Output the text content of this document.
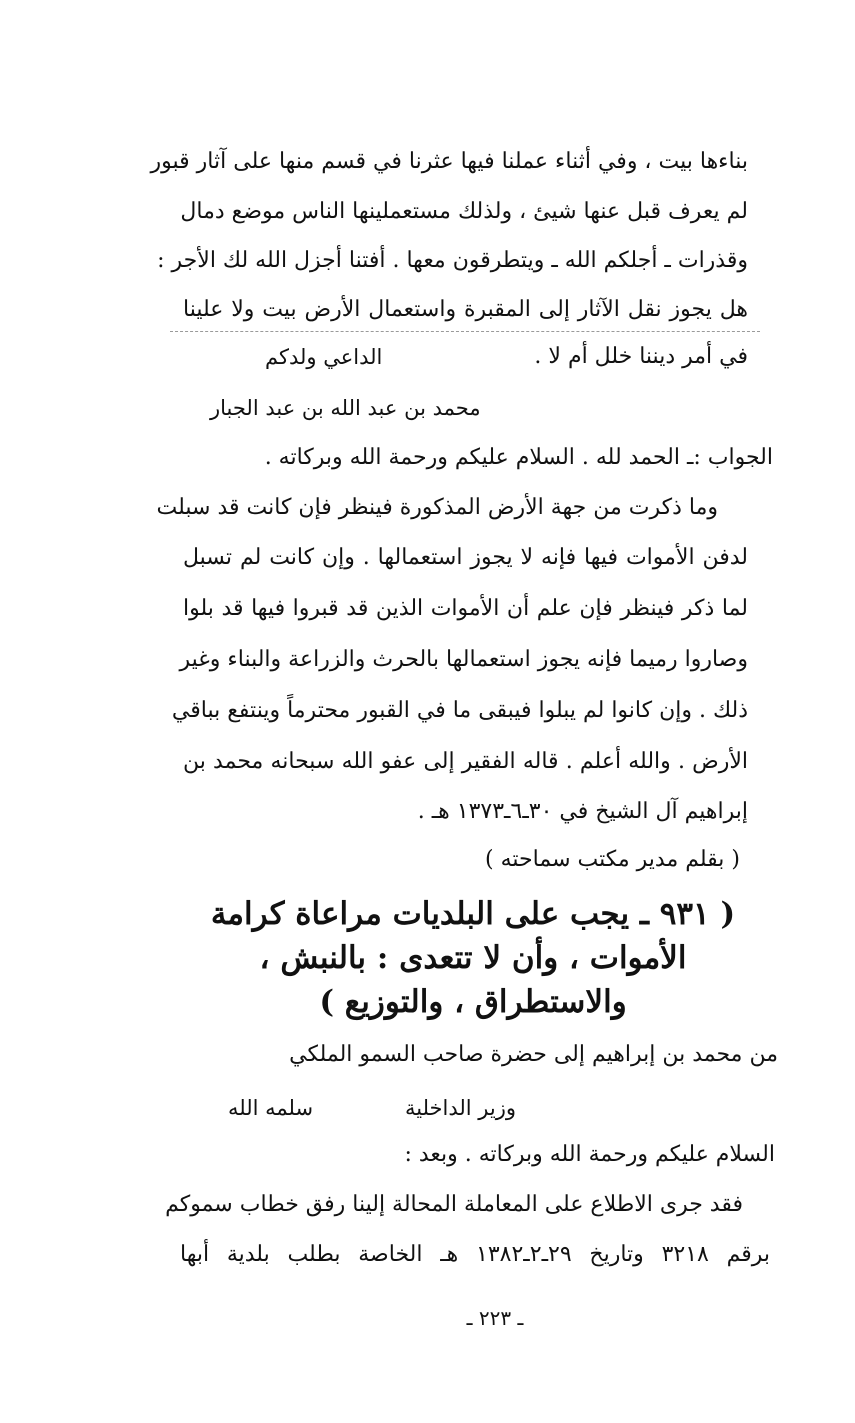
بناءها بيت ، وفي أثناء عملنا فيها عثرنا في قسم منها على آثار قبور
لم يعرف قبل عنها شيئ ، ولذلك مستعملينها الناس موضع دمال
وقذرات ـ أجلكم الله ـ ويتطرقون معها . أفتنا أجزل الله لك الأجر :
هل يجوز نقل الآثار إلى المقبرة واستعمال الأرض بيت ولا علينا
في أمر ديننا خلل أم لا .
الداعي ولدكم
محمد بن عبد الله بن عبد الجبار
الجواب :ـ الحمد لله . السلام عليكم ورحمة الله وبركاته .
وما ذكرت من جهة الأرض المذكورة فينظر فإن كانت قد سبلت
لدفن الأموات فيها فإنه لا يجوز استعمالها . وإن كانت لم تسبل
لما ذكر فينظر فإن علم أن الأموات الذين قد قبروا فيها قد بلوا
وصاروا رميما فإنه يجوز استعمالها بالحرث والزراعة والبناء وغير
ذلك . وإن كانوا لم يبلوا فيبقى ما في القبور محترماً وينتفع بباقي
الأرض . والله أعلم . قاله الفقير إلى عفو الله سبحانه محمد بن
إبراهيم آل الشيخ في ٣٠ـ٦ـ١٣٧٣ هـ .
( بقلم مدير مكتب سماحته )
( ٩٣١ ـ يجب على البلديات مراعاة كرامة
الأموات ، وأن لا تتعدى : بالنبش ،
والاستطراق ، والتوزيع )
من محمد بن إبراهيم إلى حضرة صاحب السمو الملكي
وزير الداخلية
سلمه الله
السلام عليكم ورحمة الله وبركاته . وبعد :
فقد جرى الاطلاع على المعاملة المحالة إلينا رفق خطاب سموكم
برقم ٣٢١٨ وتاريخ ٢٩ـ٢ـ١٣٨٢ هـ الخاصة بطلب بلدية أبها
ـ ٢٢٣ ـ
